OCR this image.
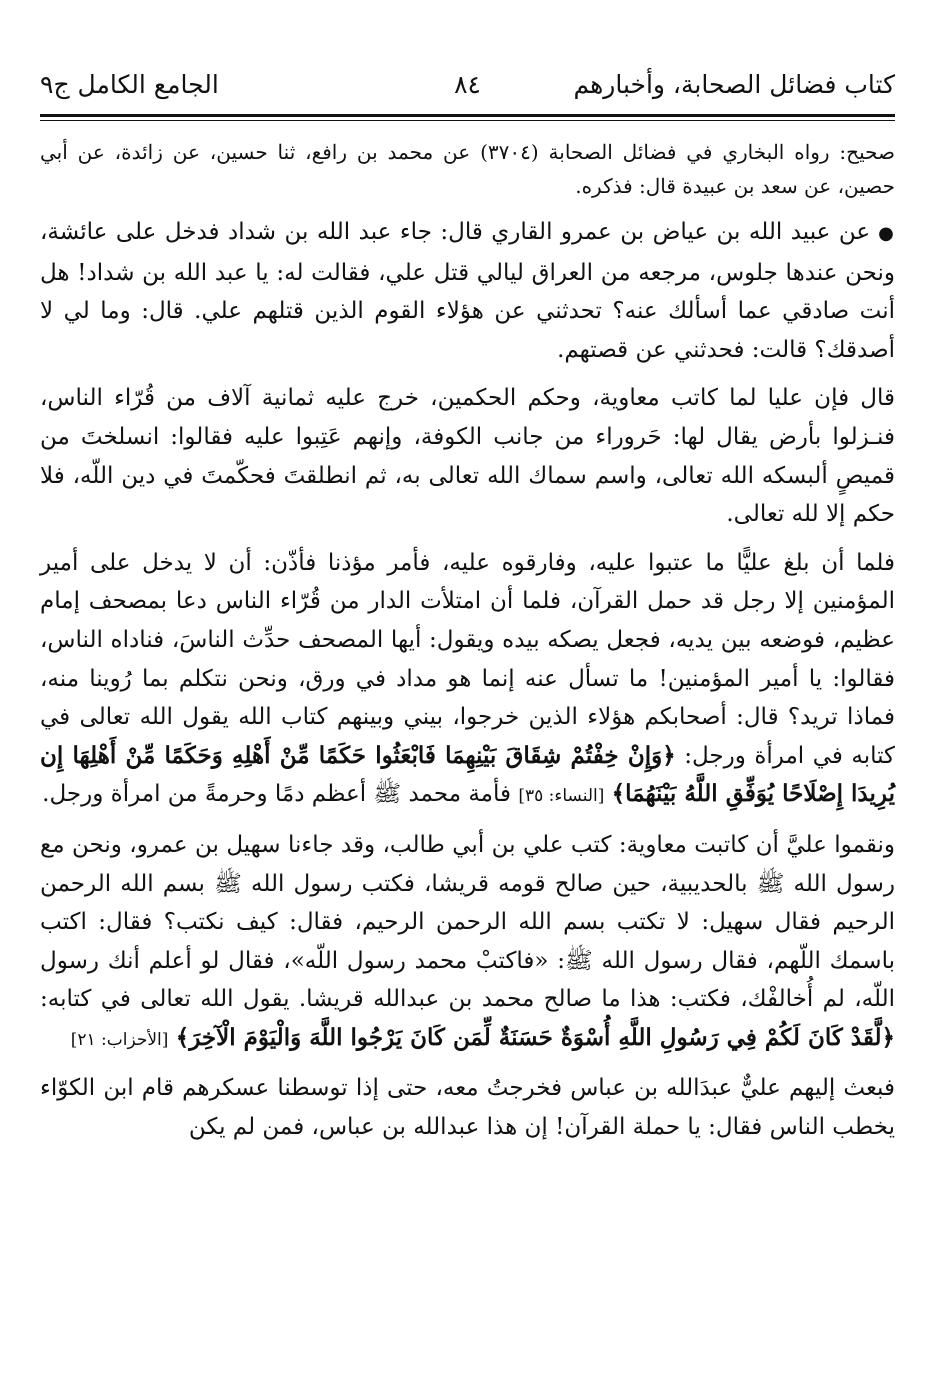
كتاب فضائل الصحابة، وأخبارهم
٨٤
الجامع الكامل ج٩

صحيح: رواه البخاري في فضائل الصحابة (٣٧٠٤) عن محمد بن رافع، ثنا حسين، عن زائدة، عن أبي حصين، عن سعد بن عبيدة قال: فذكره.

●عن عبيد الله بن عياض بن عمرو القاري قال: جاء عبد الله بن شداد فدخل على عائشة، ونحن عندها جلوس، مرجعه من العراق ليالي قتل علي، فقالت له: يا عبد الله بن شداد! هل أنت صادقي عما أسألك عنه؟ تحدثني عن هؤلاء القوم الذين قتلهم علي. قال: وما لي لا أصدقك؟ قالت: فحدثني عن قصتهم.

قال فإن عليا لما كاتب معاوية، وحكم الحكمين، خرج عليه ثمانية آلاف من قُرّاء الناس، فنـزلوا بأرض يقال لها: حَروراء من جانب الكوفة، وإنهم عَتِبوا عليه فقالوا: انسلختَ من قميصٍ ألبسكه الله تعالى، واسم سماك الله تعالى به، ثم انطلقتَ فحكّمتَ في دين اللّه، فلا حكم إلا لله تعالى.

فلما أن بلغ عليًّا ما عتبوا عليه، وفارقوه عليه، فأمر مؤذنا فأذّن: أن لا يدخل على أمير المؤمنين إلا رجل قد حمل القرآن، فلما أن امتلأت الدار من قُرّاء الناس دعا بمصحف إمام عظيم، فوضعه بين يديه، فجعل يصكه بيده ويقول: أيها المصحف حدِّث الناسَ، فناداه الناس، فقالوا: يا أمير المؤمنين! ما تسأل عنه إنما هو مداد في ورق، ونحن نتكلم بما رُوينا منه، فماذا تريد؟ قال: أصحابكم هؤلاء الذين خرجوا، بيني وبينهم كتاب الله يقول الله تعالى في كتابه في امرأة ورجل: ﴿وَإِنْ خِفْتُمْ شِقَاقَ بَيْنِهِمَا فَابْعَثُوا حَكَمًا مِّنْ أَهْلِهِ وَحَكَمًا مِّنْ أَهْلِهَا إِن يُرِيدَا إِصْلَاحًا يُوَفِّقِ اللَّهُ بَيْنَهُمَا﴾ [النساء: ٣٥] فأمة محمد ﷺ أعظم دمًا وحرمةً من امرأة ورجل.

ونقموا عليَّ أن كاتبت معاوية: كتب علي بن أبي طالب، وقد جاءنا سهيل بن عمرو، ونحن مع رسول الله ﷺ بالحديبية، حين صالح قومه قريشا، فكتب رسول الله ﷺ بسم الله الرحمن الرحيم فقال سهيل: لا تكتب بسم الله الرحمن الرحيم، فقال: كيف نكتب؟ فقال: اكتب باسمك اللّهم، فقال رسول الله ﷺ: «فاكتبْ محمد رسول اللّه»، فقال لو أعلم أنك رسول اللّه، لم أُخالفْك، فكتب: هذا ما صالح محمد بن عبدالله قريشا. يقول الله تعالى في كتابه: ﴿لَّقَدْ كَانَ لَكُمْ فِي رَسُولِ اللَّهِ أُسْوَةٌ حَسَنَةٌ لِّمَن كَانَ يَرْجُوا اللَّهَ وَالْيَوْمَ الْآخِرَ﴾ [الأحزاب: ٢١]

فبعث إليهم عليٌّ عبدَالله بن عباس فخرجتُ معه، حتى إذا توسطنا عسكرهم قام ابن الكوّاء يخطب الناس فقال: يا حملة القرآن! إن هذا عبدالله بن عباس، فمن لم يكن
